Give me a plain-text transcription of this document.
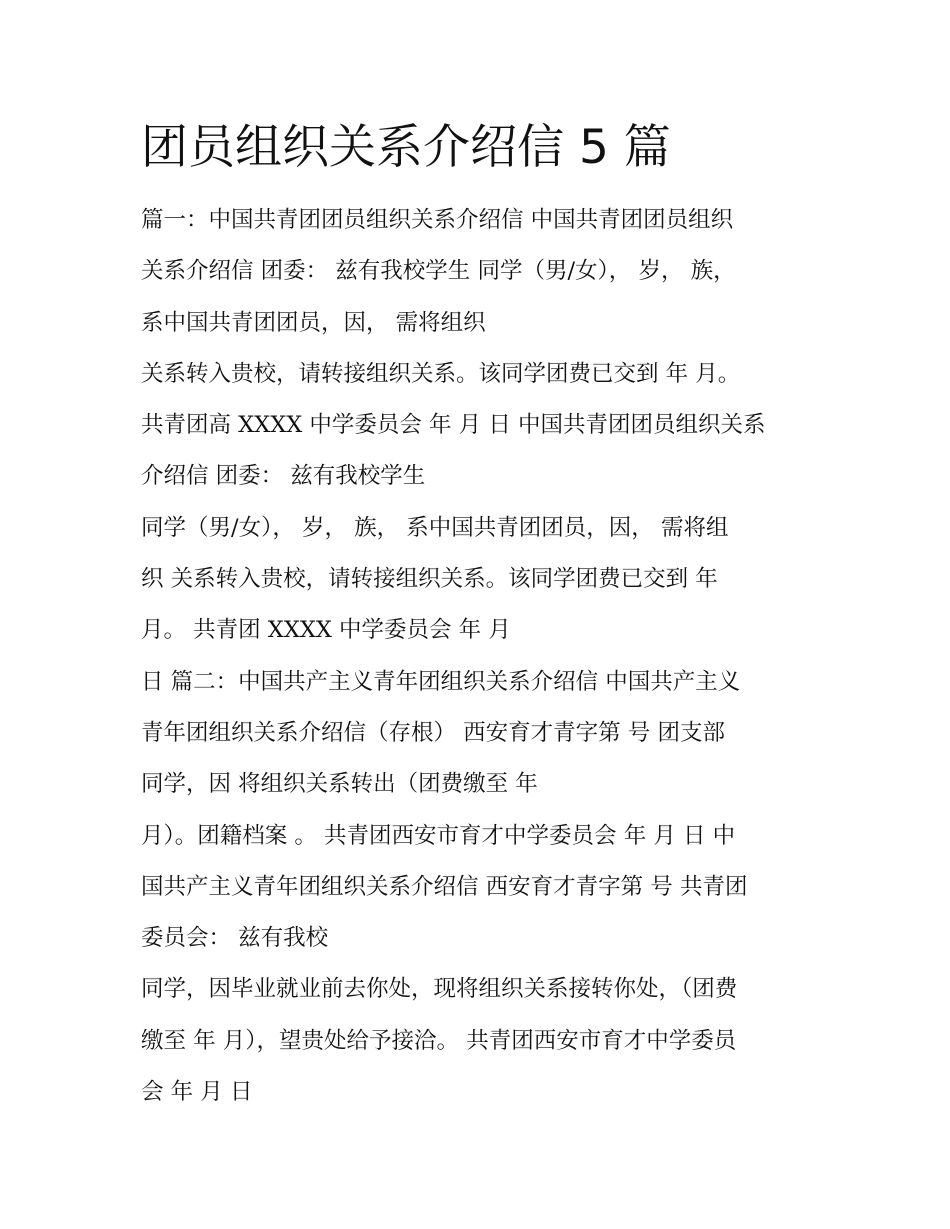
团员组织关系介绍信 5 篇
篇一：中国共青团团员组织关系介绍信 中国共青团团员组织
关系介绍信 团委： 兹有我校学生 同学（男/女）， 岁， 族，
系中国共青团团员，因， 需将组织
关系转入贵校，请转接组织关系。该同学团费已交到 年 月。
共青团高 XXXX 中学委员会 年 月 日 中国共青团团员组织关系
介绍信 团委： 兹有我校学生
同学（男/女）， 岁， 族， 系中国共青团团员，因， 需将组
织 关系转入贵校，请转接组织关系。该同学团费已交到 年
月。 共青团 XXXX 中学委员会 年 月
日 篇二：中国共产主义青年团组织关系介绍信 中国共产主义
青年团组织关系介绍信（存根） 西安育才青字第 号 团支部
同学，因 将组织关系转出（团费缴至 年
月）。团籍档案 。 共青团西安市育才中学委员会 年 月 日 中
国共产主义青年团组织关系介绍信 西安育才青字第 号 共青团
委员会： 兹有我校
同学，因毕业就业前去你处，现将组织关系接转你处，（团费
缴至 年 月），望贵处给予接洽。 共青团西安市育才中学委员
会 年 月 日
